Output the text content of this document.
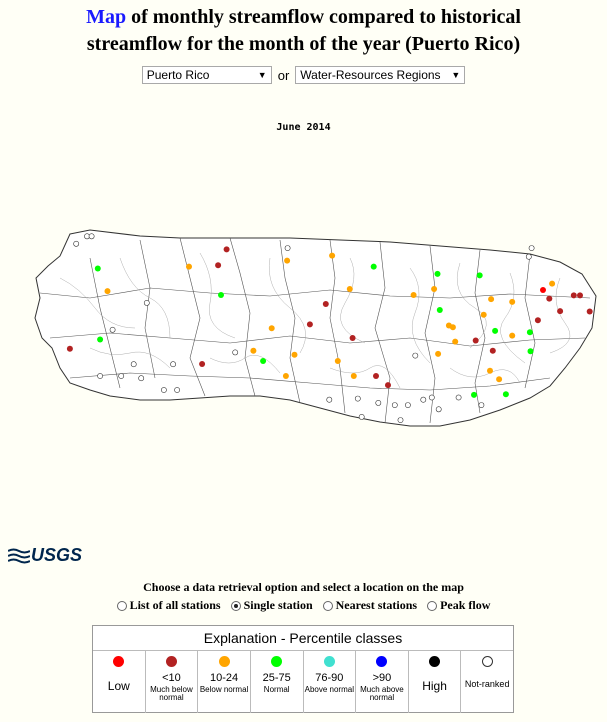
Map of monthly streamflow compared to historical
streamflow for the month of the year (Puerto Rico)
Puerto Rico	▼ or Water-Resources Regions ▼
June 2014
USGS
Choose a data retrieval option and select a location on the map
List of all stations Single station Nearest stations Peak flow
Explanation - Percentile classes
Low
<10
Much below normal
10-24
Below normal
25-75
Normal
76-90
Above normal
>90
Much above normal
High Not-ranked
